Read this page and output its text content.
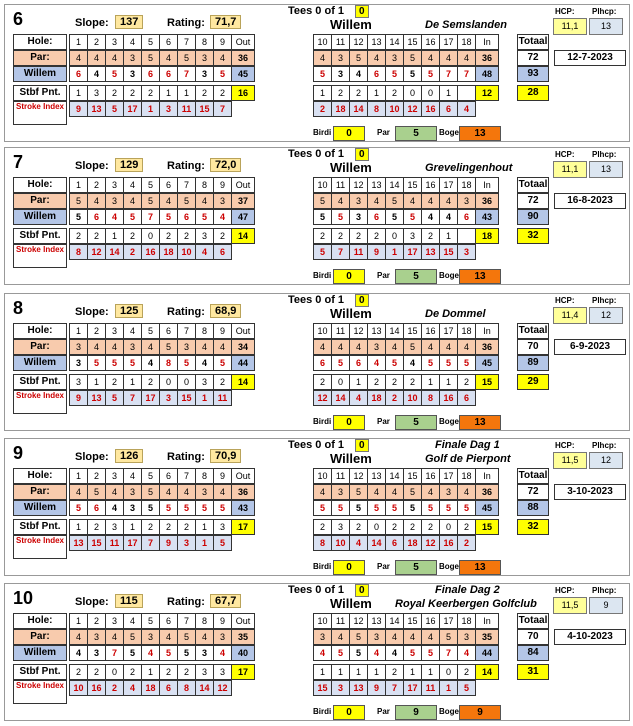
6	Slope:	137	Rating: 71,7
Tees 0 of 1	0
Willem	De Semslanden
HCP: Plhcp:
11,1	13
Hole:
Par:
Willem
Stbf Pnt.
Stroke Index
1	2	3	4	5	6	7	8	9	Out
4	4	4	3	5	4	5	3	4	36
6	4	5	3	6	6	7	3	5	45
1	3	2	2	2	1	1	2	2	16
9	13	5	17	1	3	11	15	7
10	11	12	13	14	15	16	17	18	In
4	3	5	4	3	5	4	4	4	36
5	3	4	6	5	5	5	7	7	48
1	2	2	1	2	0	0	1		12
2	18	14	8	10	12	16	6	4
Totaal
72
93
28
12-7-2023
Birdi	0	Par	5	Boge	13
7	Slope:	129	Rating: 72,0
Tees 0 of 1	0
Willem	Grevelingenhout
HCP: Plhcp:
11,1	13
Hole:
Par:
Willem
Stbf Pnt.
Stroke Index
1	2	3	4	5	6	7	8	9	Out
5	4	3	4	5	4	5	4	3	37
5	6	4	5	7	5	6	5	4	47
2	2	1	2	0	2	2	3	2	14
8	12	14	2	16	18	10	4	6
10	11	12	13	14	15	16	17	18	In
5	4	3	4	5	4	4	4	3	36
5	5	3	6	5	5	4	4	6	43
2	2	2	2	0	3	2	1		18
5	7	11	9	1	17	13	15	3
Totaal
72
90
32
16-8-2023
Birdi	0	Par	5	Boge	13
8	Slope:	125	Rating: 68,9
Tees 0 of 1	0
Willem	De Dommel
HCP: Plhcp:
11,4	12
Hole:
Par:
Willem
Stbf Pnt.
Stroke Index
1	2	3	4	5	6	7	8	9	Out
3	4	4	3	4	5	3	4	4	34
3	5	5	5	4	8	5	4	5	44
3	1	2	1	2	0	0	3	2	14
9	13	5	7	17	3	15	1	11
10	11	12	13	14	15	16	17	18	In
4	4	4	3	4	5	4	4	4	36
6	5	6	4	5	4	5	5	5	45
2	0	1	2	2	2	1	1	2	15
12	14	4	18	2	10	8	16	6
Totaal
70
89
29
6-9-2023
Birdi	0	Par	5	Boge	13
9	Slope:	126	Rating: 70,9
Tees 0 of 1	0
Willem
Finale Dag 1
Golf de Pierpont
HCP: Plhcp:
11,5	12
Hole:
Par:
Willem
Stbf Pnt.
Stroke Index
1	2	3	4	5	6	7	8	9	Out
4	5	4	3	5	4	4	3	4	36
5	6	4	3	5	5	5	5	5	43
1	2	3	1	2	2	2	1	3	17
13	15	11	17	7	9	3	1	5
10	11	12	13	14	15	16	17	18	In
4	3	5	4	4	5	4	3	4	36
5	5	5	5	5	5	5	5	5	45
2	3	2	0	2	2	2	0	2	15
8	10	4	14	6	18	12	16	2
Totaal
72
88
32
3-10-2023
Birdi	0	Par	5	Boge	13
10	Slope:	115	Rating: 67,7
Tees 0 of 1	0
Willem
Finale Dag 2
Royal Keerbergen Golfclub
HCP: Plhcp:
11,5	9
Hole:
Par:
Willem
Stbf Pnt.
Stroke Index
1	2	3	4	5	6	7	8	9	Out
4	3	4	5	3	4	5	4	3	35
4	3	7	5	4	5	5	3	4	40
2	2	0	2	1	2	2	3	3	17
10	16	2	4	18	6	8	14	12
10	11	12	13	14	15	16	17	18	In
3	4	5	3	4	4	4	5	3	35
4	5	5	4	4	5	5	7	4	44
1	1	1	1	2	1	1	0	2	14
15	3	13	9	7	17	11	1	5
Totaal
70
84
31
4-10-2023
Birdi	0	Par	9	Boge	9
